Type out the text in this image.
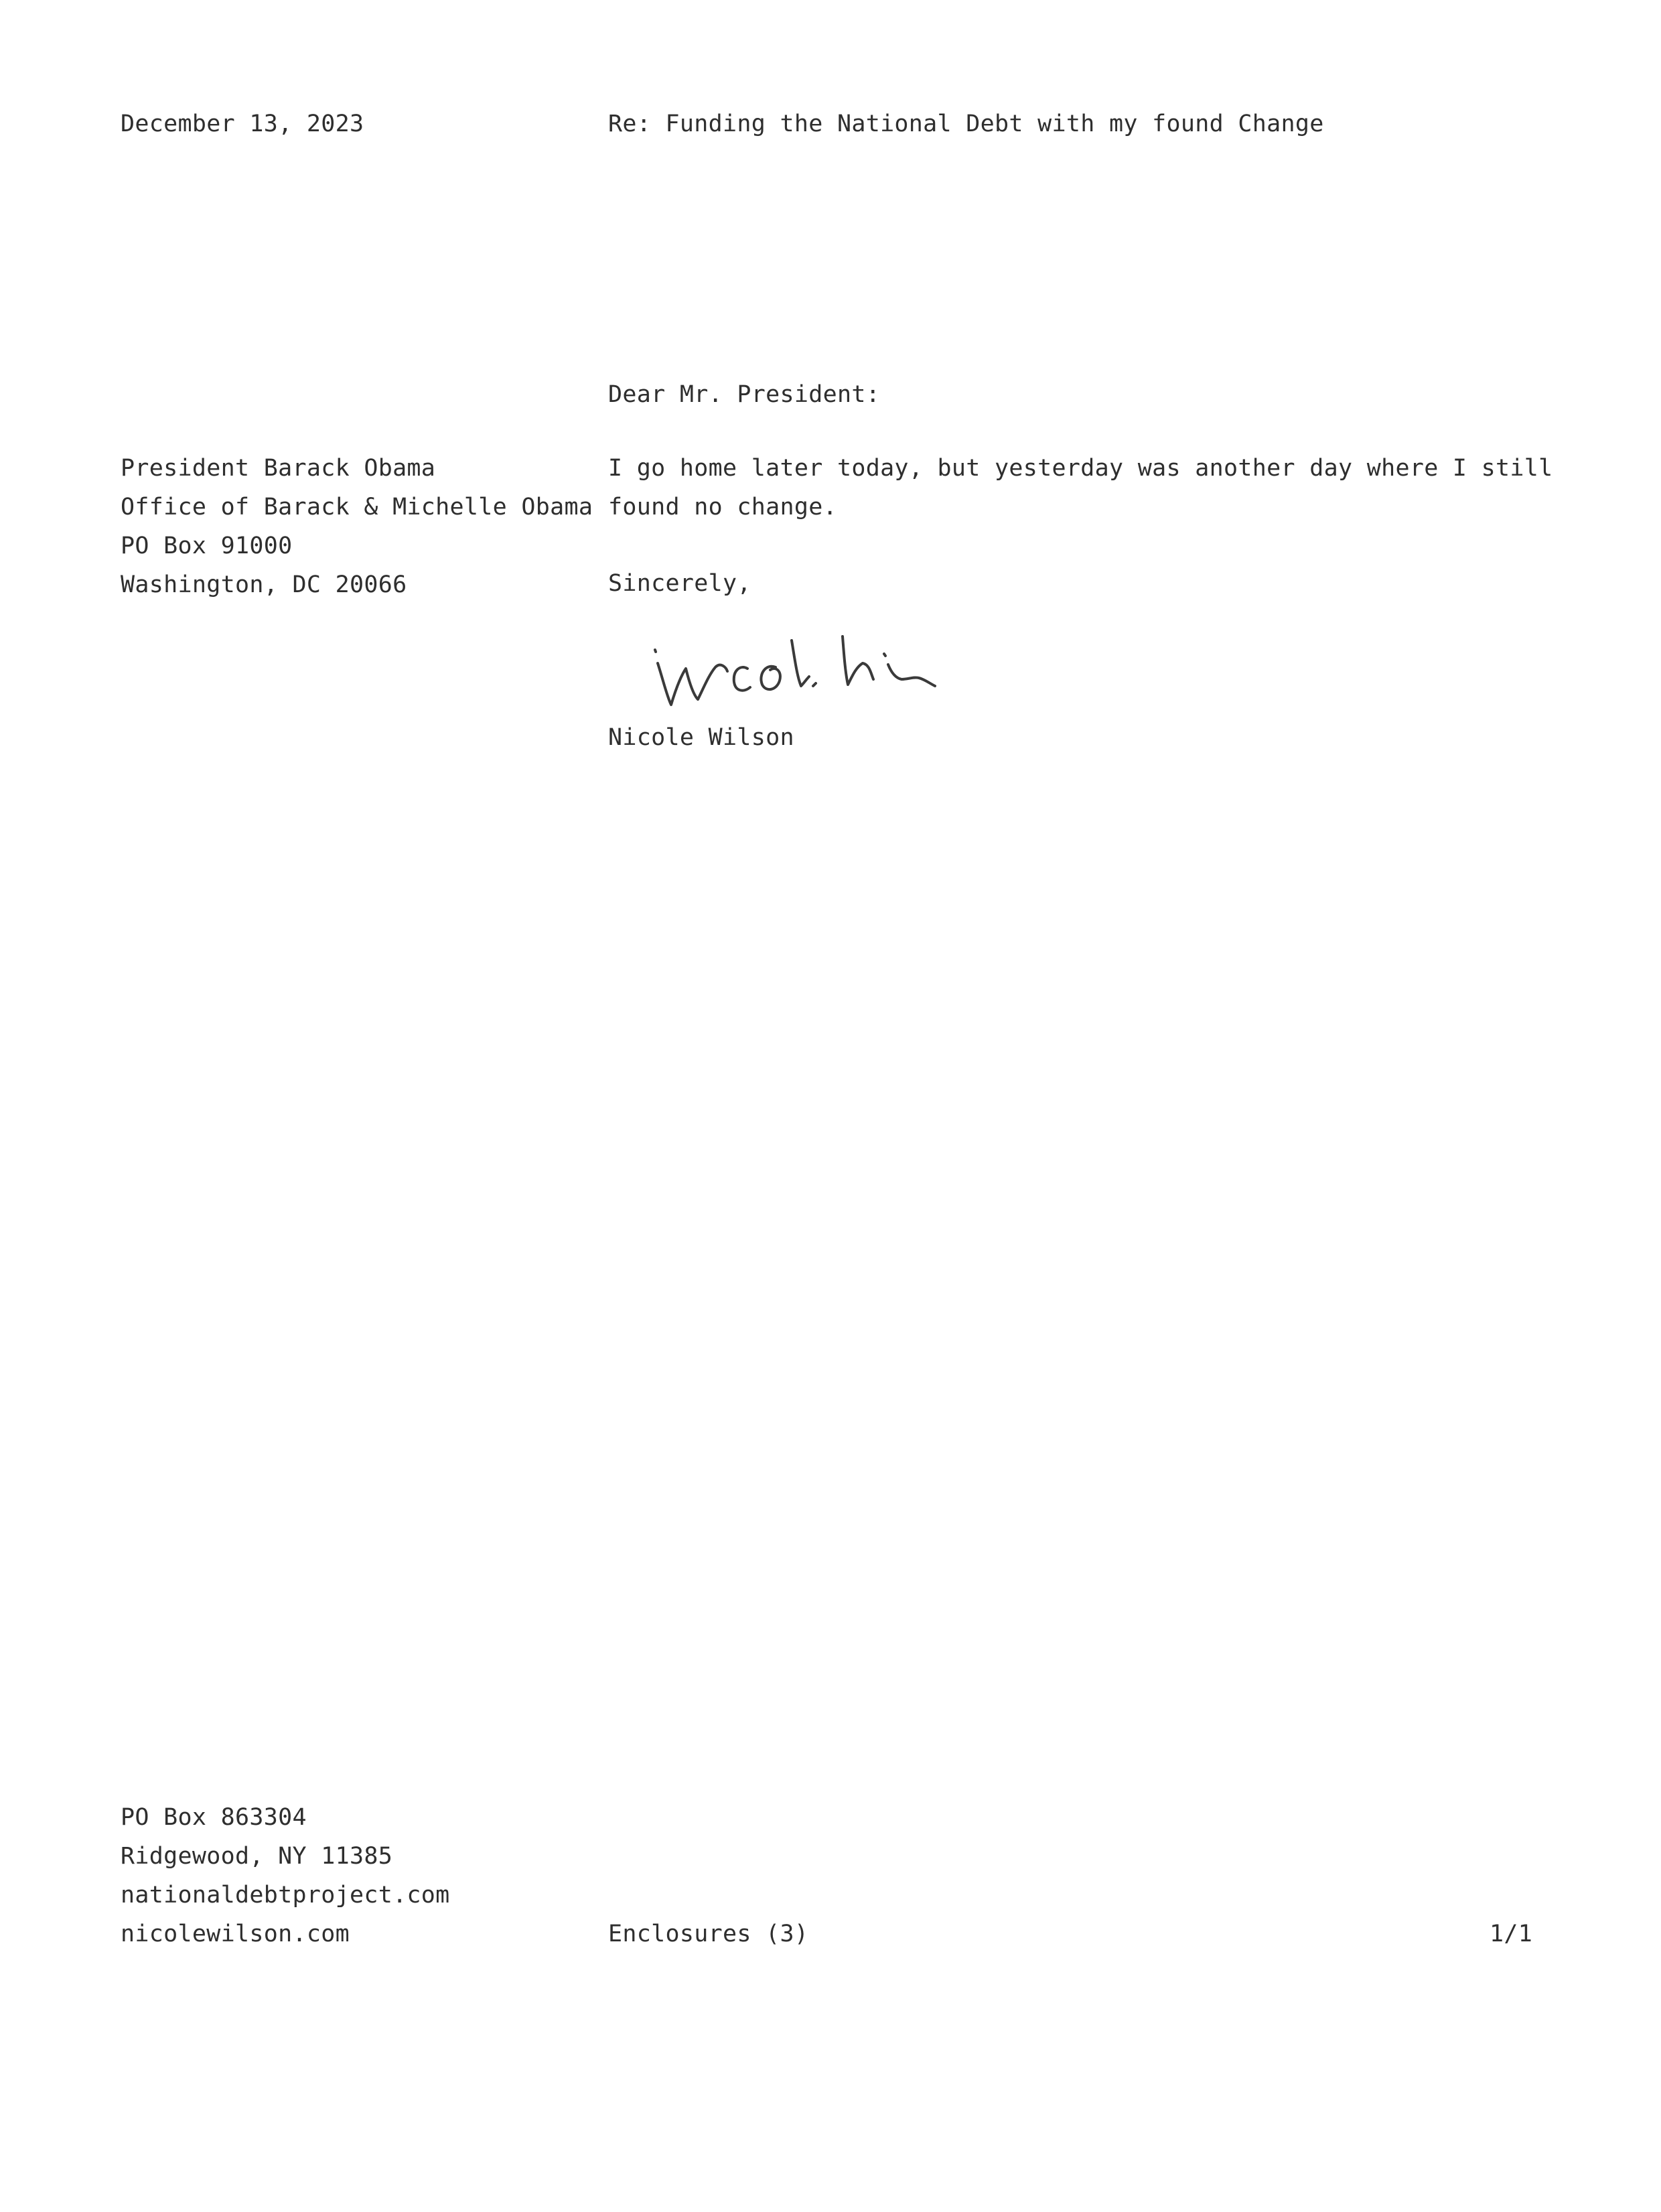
December 13, 2023	Re: Funding the National Debt with my found Change
Dear Mr. President:
President Barack Obama
Office of Barack & Michelle Obama
PO Box 91000
Washington, DC 20066
I go home later today, but yesterday was another day where I still
found no change.
Sincerely,
Nicole Wilson
PO Box 863304
Ridgewood, NY 11385
nationaldebtproject.com
nicolewilson.com	Enclosures (3)	1/1
